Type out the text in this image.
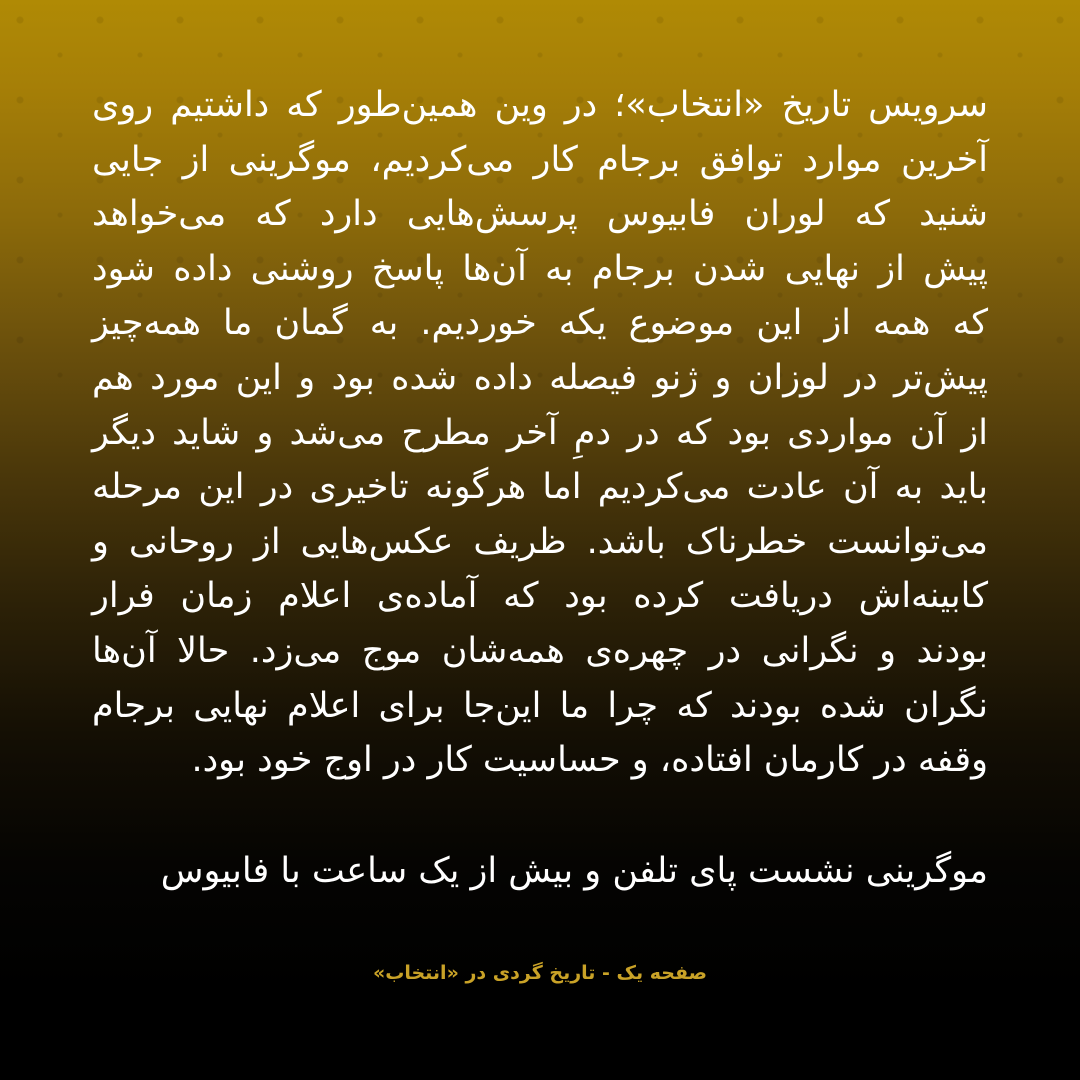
سرویس تاریخ «انتخاب»؛ در وین همین‌طور که داشتیم روی
آخرین موارد توافق برجام کار می‌کردیم، موگرینی از جایی
شنید که لوران فابیوس پرسش‌هایی دارد که می‌خواهد
پیش از نهایی شدن برجام به آن‌ها پاسخ روشنی داده شود
که همه از این موضوع یکه خوردیم. به گمان ما همه‌چیز
پیش‌تر در لوزان و ژنو فیصله داده شده بود و این مورد هم
از آن مواردی بود که در دمِ آخر مطرح می‌شد و شاید دیگر
باید به آن عادت می‌کردیم اما هرگونه تاخیری در این مرحله
می‌توانست خطرناک باشد. ظریف عکس‌هایی از روحانی و
کابینه‌اش دریافت کرده بود که آماده‌ی اعلام زمان فرار
بودند و نگرانی در چهره‌ی همه‌شان موج می‌زد. حالا آن‌ها
نگران شده بودند که چرا ما این‌جا برای اعلام نهایی برجام
وقفه در کارمان افتاده، و حساسیت کار در اوج خود بود.
موگرینی نشست پای تلفن و بیش از یک ساعت با فابیوس
صفحه یک - تاریخ گردی در «انتخاب»
